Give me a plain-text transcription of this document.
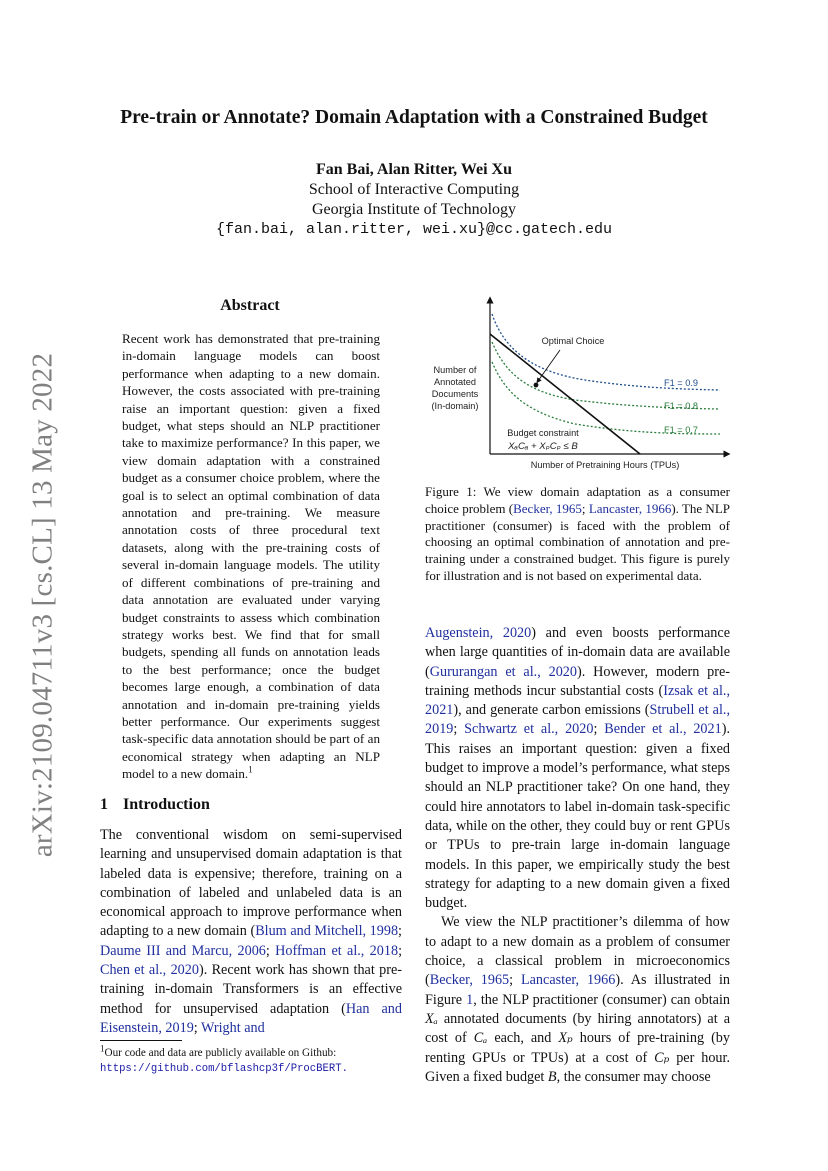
arXiv:2109.04711v3 [cs.CL] 13 May 2022
Pre-train or Annotate? Domain Adaptation with a Constrained Budget
Fan Bai, Alan Ritter, Wei Xu
School of Interactive Computing
Georgia Institute of Technology
{fan.bai, alan.ritter, wei.xu}@cc.gatech.edu
Abstract
Recent work has demonstrated that pre-training in-domain language models can boost performance when adapting to a new domain. However, the costs associated with pre-training raise an important question: given a fixed budget, what steps should an NLP practitioner take to maximize performance? In this paper, we view domain adaptation with a constrained budget as a consumer choice problem, where the goal is to select an optimal combination of data annotation and pre-training. We measure annotation costs of three procedural text datasets, along with the pre-training costs of several in-domain language models. The utility of different combinations of pre-training and data annotation are evaluated under varying budget constraints to assess which combination strategy works best. We find that for small budgets, spending all funds on annotation leads to the best performance; once the budget becomes large enough, a combination of data annotation and in-domain pre-training yields better performance. Our experiments suggest task-specific data annotation should be part of an economical strategy when adapting an NLP model to a new domain.$^1$
1 Introduction
The conventional wisdom on semi-supervised learning and unsupervised domain adaptation is that labeled data is expensive; therefore, training on a combination of labeled and unlabeled data is an economical approach to improve performance when adapting to a new domain (Blum and Mitchell, 1998; Daume III and Marcu, 2006; Hoffman et al., 2018; Chen et al., 2020). Recent work has shown that pre-training in-domain Transformers is an effective method for unsupervised adaptation (Han and Eisenstein, 2019; Wright and
$^1$Our code and data are publicly available on Github: https://github.com/bflashcp3f/ProcBERT.
Optimal Choice
Number of
Annotated
Documents
(In-domain)
F1 = 0.9
F1 = 0.8
F1 = 0.7
Budget constraint
XₐCₐ + XₚCₚ ≤ B
Number of Pretraining Hours (TPUs)
Figure 1: We view domain adaptation as a consumer choice problem (Becker, 1965; Lancaster, 1966). The NLP practitioner (consumer) is faced with the problem of choosing an optimal combination of annotation and pre-training under a constrained budget. This figure is purely for illustration and is not based on experimental data.

Augenstein, 2020) and even boosts performance when large quantities of in-domain data are available (Gururangan et al., 2020). However, modern pre-training methods incur substantial costs (Izsak et al., 2021), and generate carbon emissions (Strubell et al., 2019; Schwartz et al., 2020; Bender et al., 2021). This raises an important question: given a fixed budget to improve a model’s performance, what steps should an NLP practitioner take? On one hand, they could hire annotators to label in-domain task-specific data, while on the other, they could buy or rent GPUs or TPUs to pre-train large in-domain language models. In this paper, we empirically study the best strategy for adapting to a new domain given a fixed budget.

We view the NLP practitioner’s dilemma of how to adapt to a new domain as a problem of consumer choice, a classical problem in microeconomics (Becker, 1965; Lancaster, 1966). As illustrated in Figure 1, the NLP practitioner (consumer) can obtain Xₐ annotated documents (by hiring annotators) at a cost of Cₐ each, and Xₚ hours of pre-training (by renting GPUs or TPUs) at a cost of Cₚ per hour. Given a fixed budget B, the consumer may choose
